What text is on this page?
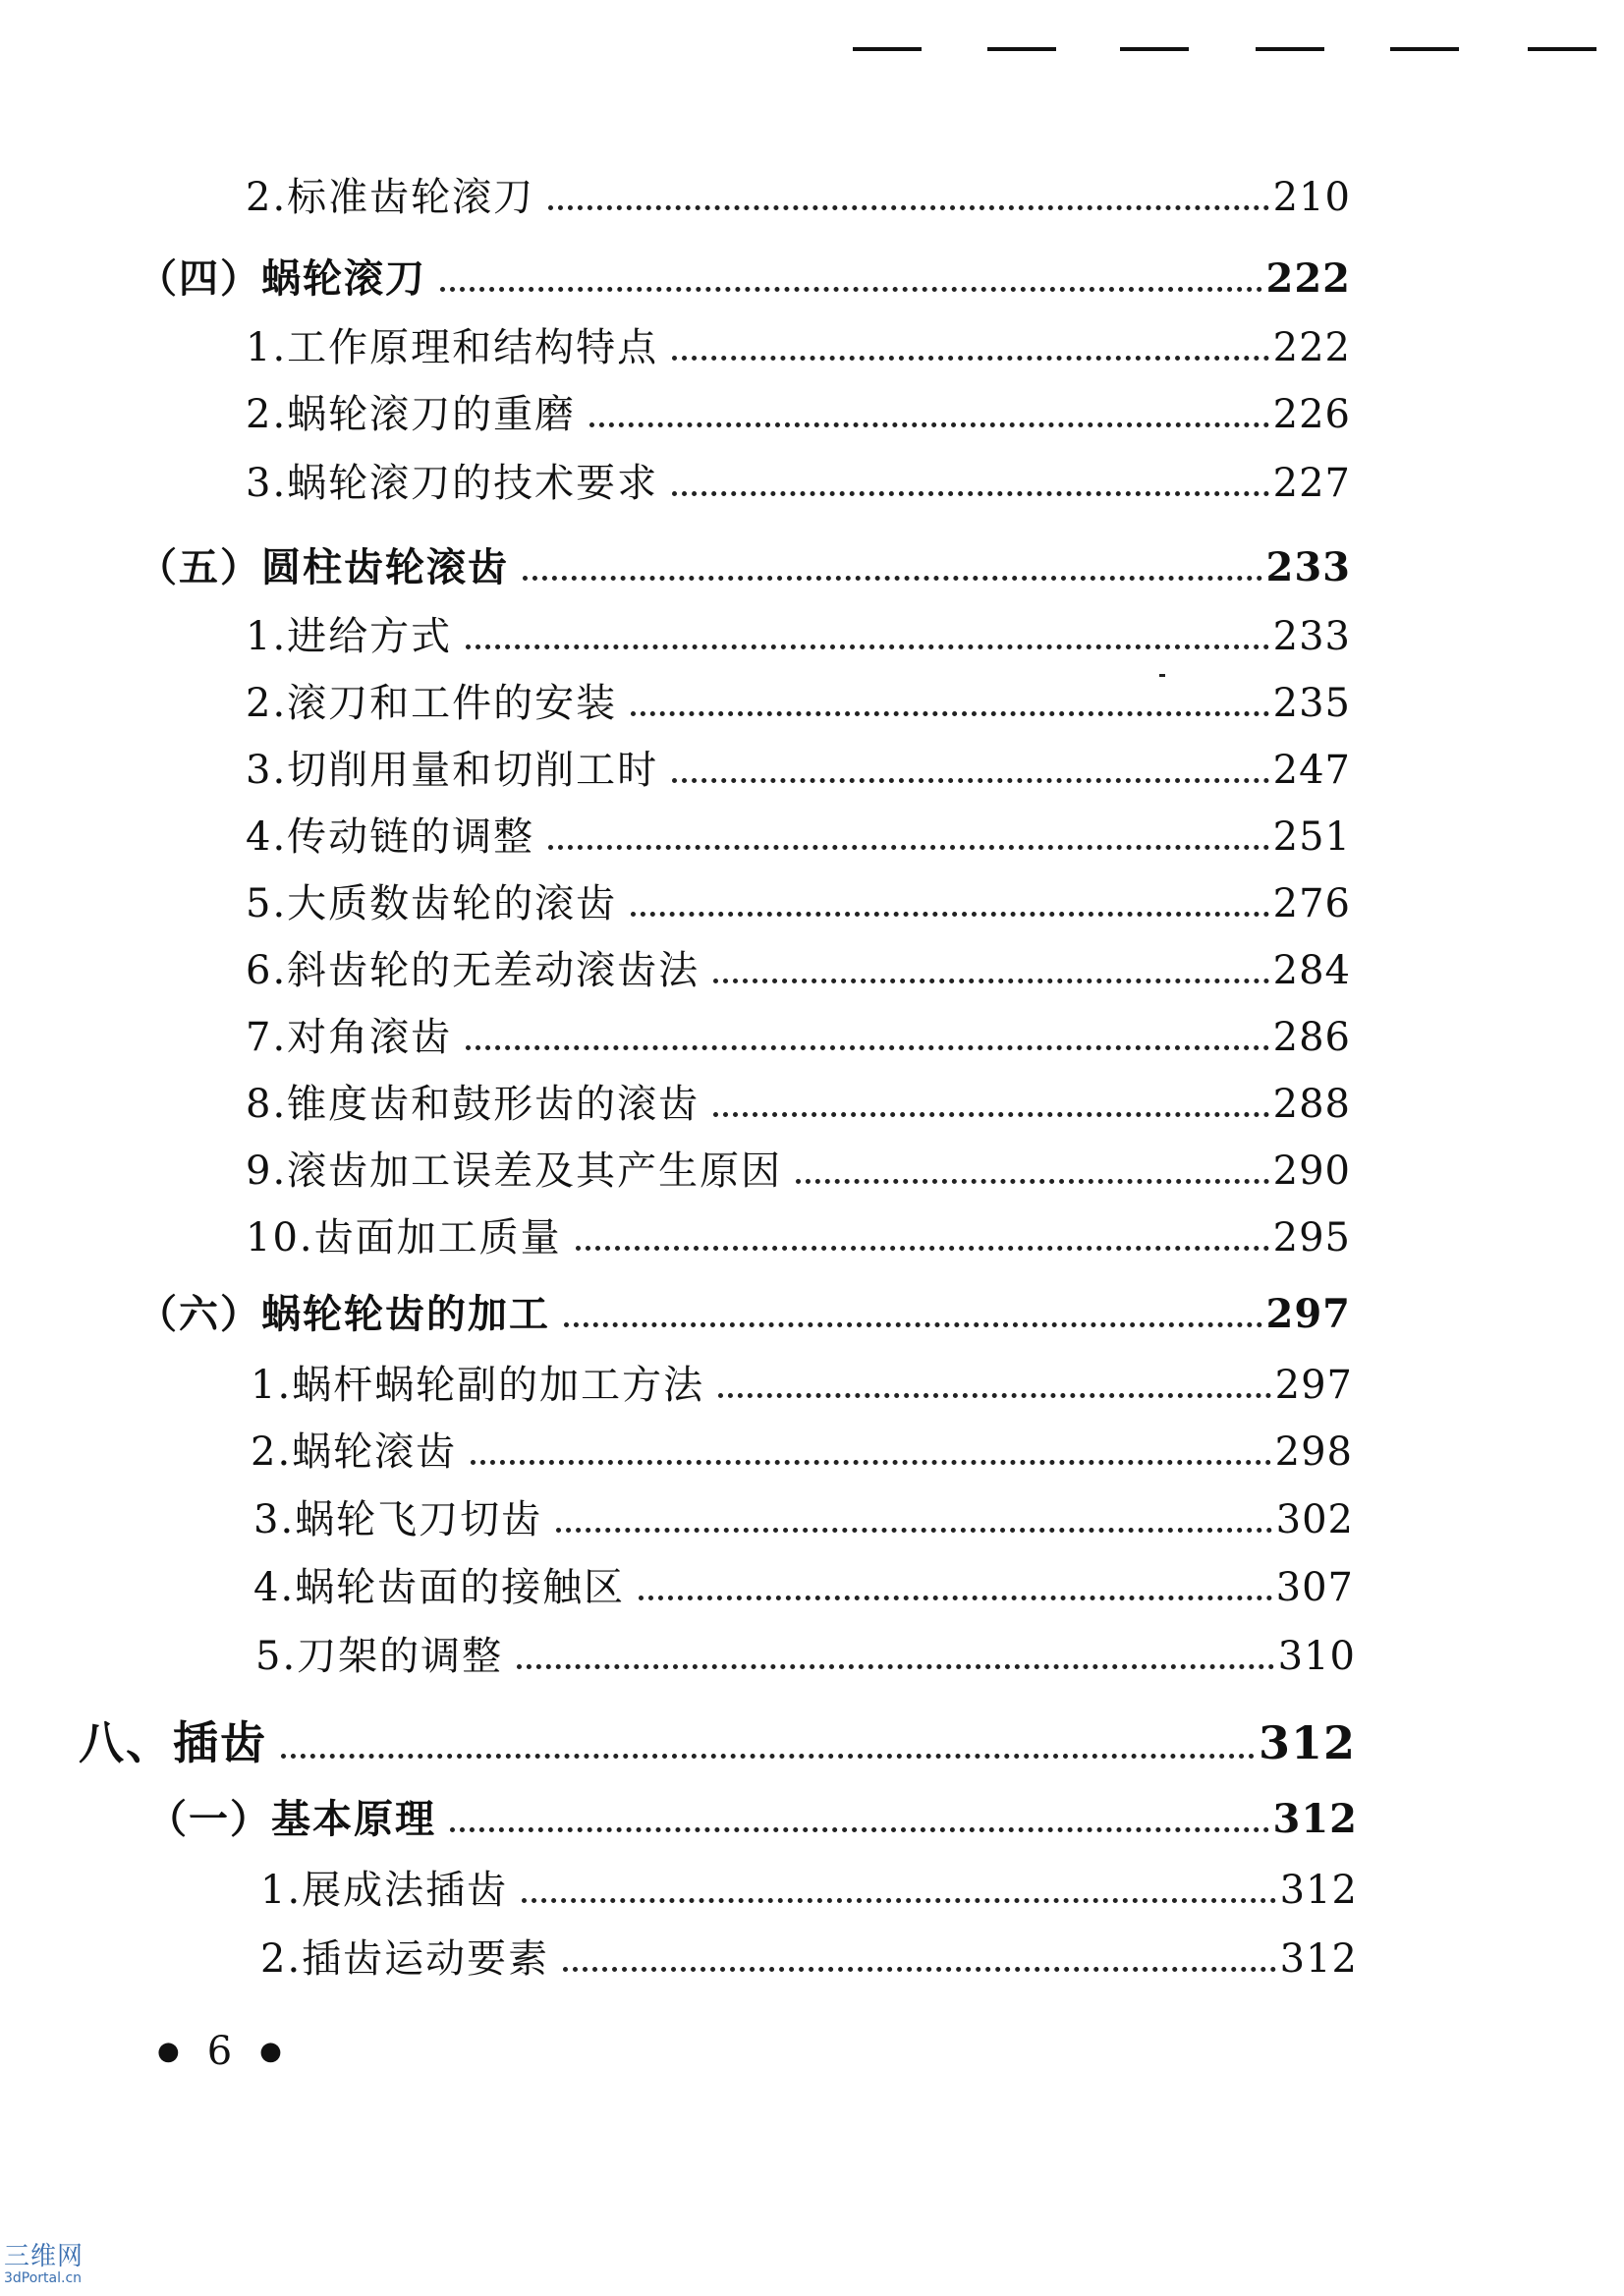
2.标准齿轮滚刀	210
（四）蜗轮滚刀	222
1.工作原理和结构特点	222
2.蜗轮滚刀的重磨	226
3.蜗轮滚刀的技术要求	227
（五）圆柱齿轮滚齿	233
1.进给方式	233
2.滚刀和工件的安装	235
3.切削用量和切削工时	247
4.传动链的调整	251
5.大质数齿轮的滚齿	276
6.斜齿轮的无差动滚齿法	284
7.对角滚齿	286
8.锥度齿和鼓形齿的滚齿	288
9.滚齿加工误差及其产生原因	290
10.齿面加工质量	295
（六）蜗轮轮齿的加工	297
1.蜗杆蜗轮副的加工方法	297
2.蜗轮滚齿	298
3.蜗轮飞刀切齿	302
4.蜗轮齿面的接触区	307
5.刀架的调整	310
八、插齿	312
（一）基本原理	312
1.展成法插齿	312
2.插齿运动要素	312
● 6 ●
三维网
3dPortal.cn
